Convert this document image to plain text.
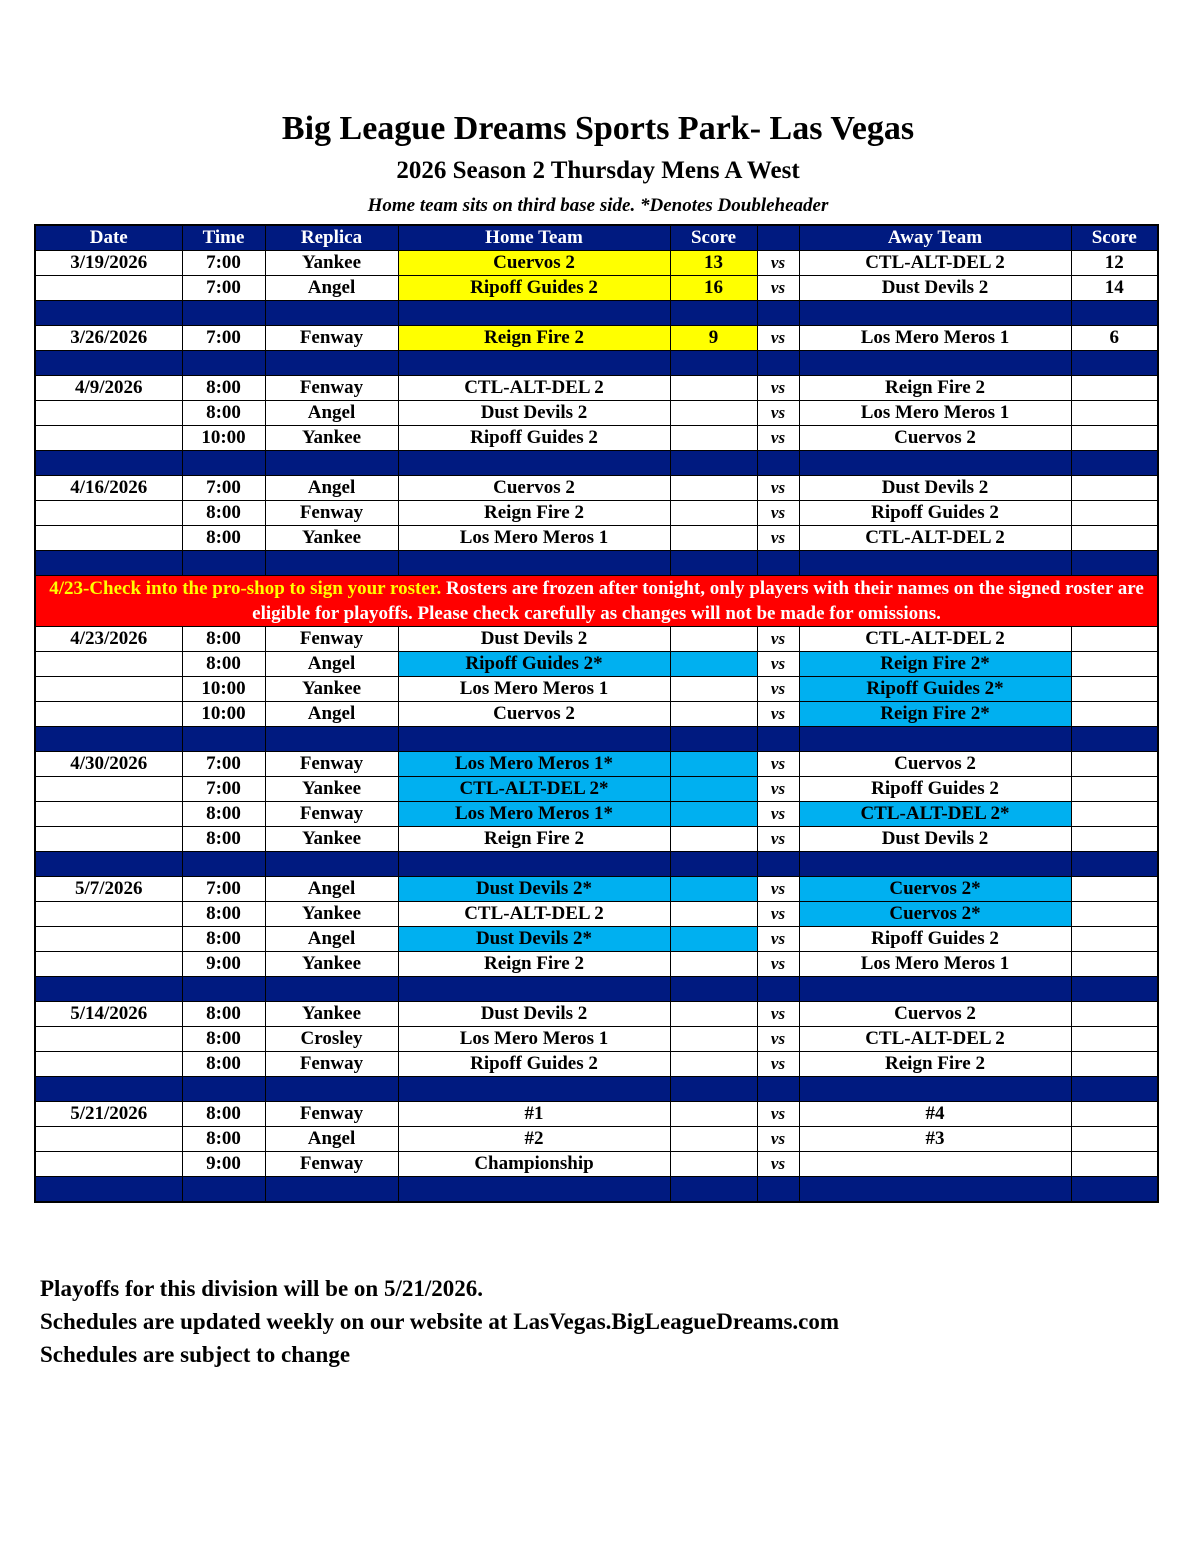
Big League Dreams Sports Park- Las Vegas
2026 Season 2 Thursday Mens A West
Home team sits on third base side. *Denotes Doubleheader
Date	Time	Replica	Home Team	Score		Away Team	Score
3/19/2026	7:00	Yankee	Cuervos 2	13	vs	CTL-ALT-DEL 2	12
	7:00	Angel	Ripoff Guides 2	16	vs	Dust Devils 2	14

3/26/2026	7:00	Fenway	Reign Fire 2	9	vs	Los Mero Meros 1	6

4/9/2026	8:00	Fenway	CTL-ALT-DEL 2		vs	Reign Fire 2	
	8:00	Angel	Dust Devils 2		vs	Los Mero Meros 1	
	10:00	Yankee	Ripoff Guides 2		vs	Cuervos 2	

4/16/2026	7:00	Angel	Cuervos 2		vs	Dust Devils 2	
	8:00	Fenway	Reign Fire 2		vs	Ripoff Guides 2	
	8:00	Yankee	Los Mero Meros 1		vs	CTL-ALT-DEL 2	

4/23-Check into the pro-shop to sign your roster. Rosters are frozen after tonight, only players with their names on the signed roster are eligible for playoffs. Please check carefully as changes will not be made for omissions.							
4/23/2026	8:00	Fenway	Dust Devils 2		vs	CTL-ALT-DEL 2	
	8:00	Angel	Ripoff Guides 2*		vs	Reign Fire 2*	
	10:00	Yankee	Los Mero Meros 1		vs	Ripoff Guides 2*	
	10:00	Angel	Cuervos 2		vs	Reign Fire 2*	

4/30/2026	7:00	Fenway	Los Mero Meros 1*		vs	Cuervos 2	
	7:00	Yankee	CTL-ALT-DEL 2*		vs	Ripoff Guides 2	
	8:00	Fenway	Los Mero Meros 1*		vs	CTL-ALT-DEL 2*	
	8:00	Yankee	Reign Fire 2		vs	Dust Devils 2	

5/7/2026	7:00	Angel	Dust Devils 2*		vs	Cuervos 2*	
	8:00	Yankee	CTL-ALT-DEL 2		vs	Cuervos 2*	
	8:00	Angel	Dust Devils 2*		vs	Ripoff Guides 2	
	9:00	Yankee	Reign Fire 2		vs	Los Mero Meros 1	

5/14/2026	8:00	Yankee	Dust Devils 2		vs	Cuervos 2	
	8:00	Crosley	Los Mero Meros 1		vs	CTL-ALT-DEL 2	
	8:00	Fenway	Ripoff Guides 2		vs	Reign Fire 2	

5/21/2026	8:00	Fenway	#1		vs	#4	
	8:00	Angel	#2		vs	#3	
	9:00	Fenway	Championship		vs		

Playoffs for this division will be on 5/21/2026.
Schedules are updated weekly on our website at LasVegas.BigLeagueDreams.com
Schedules are subject to change
